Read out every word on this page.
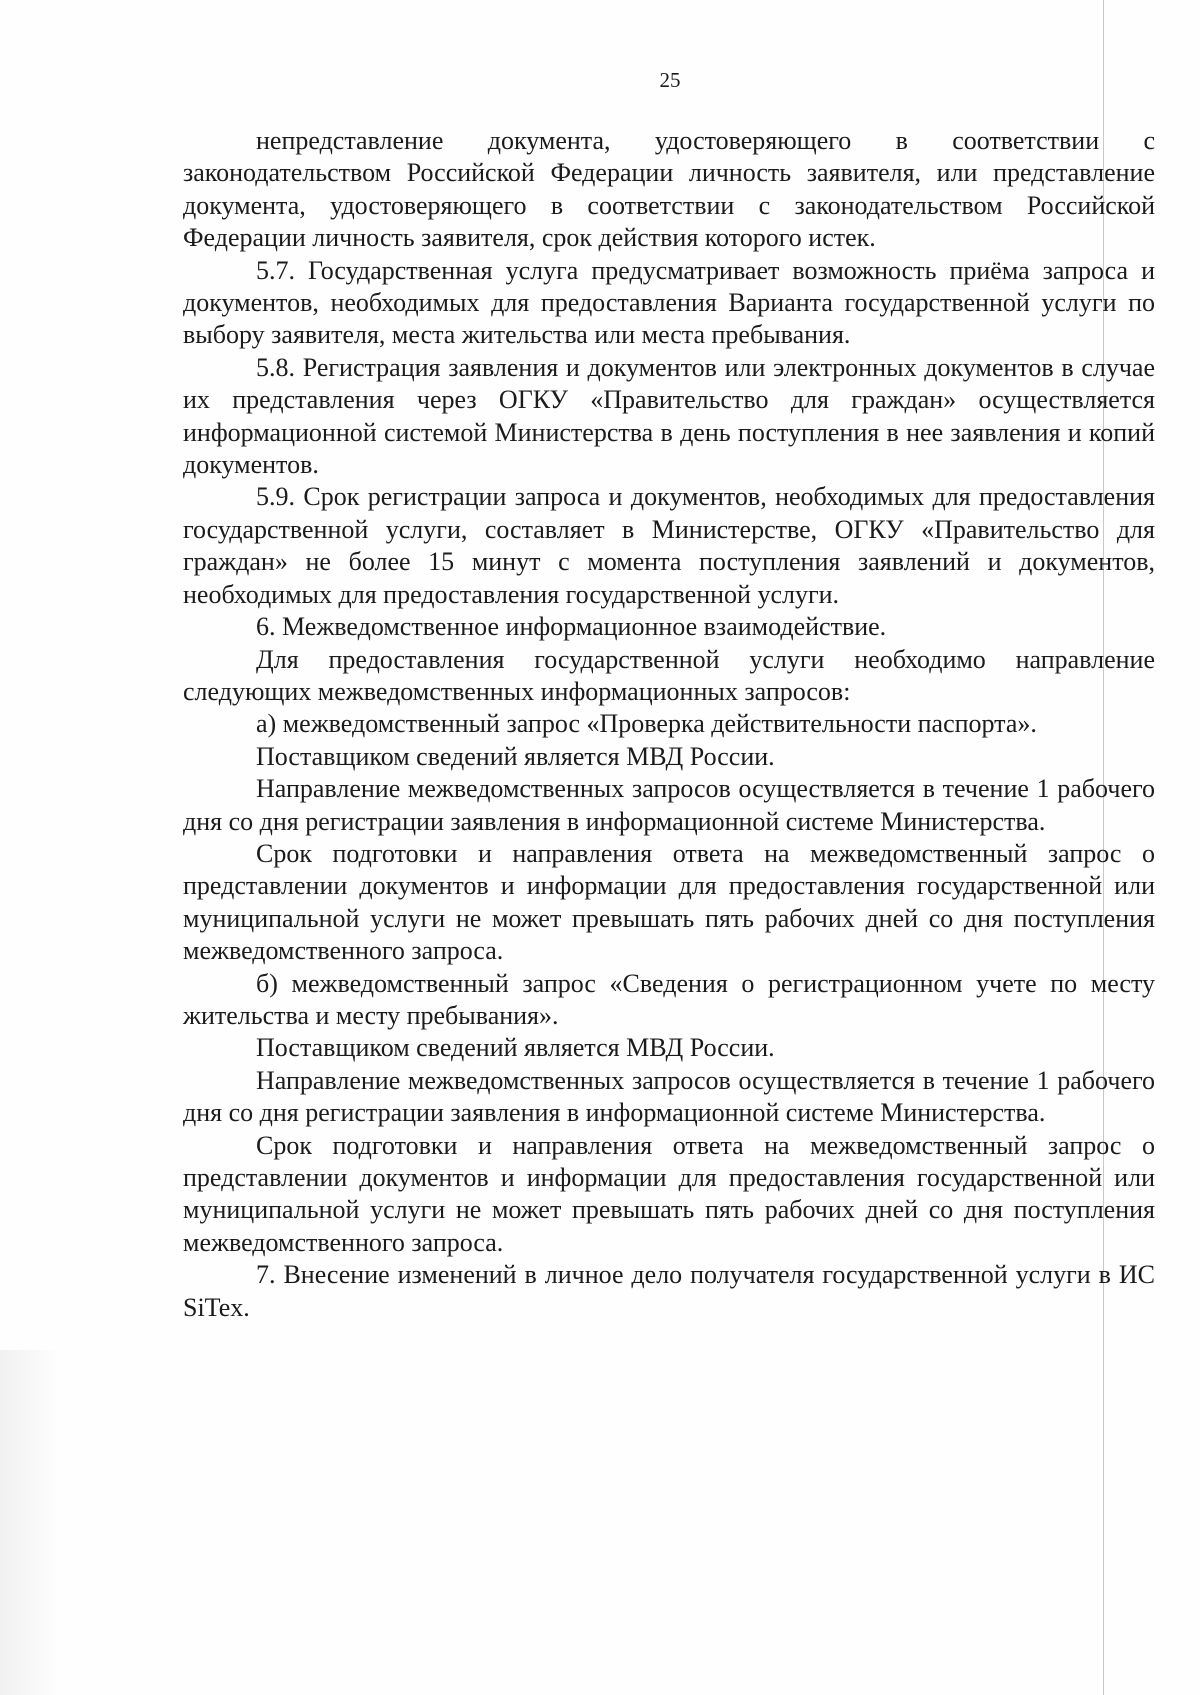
25

непредставление документа, удостоверяющего в соответствии с законодательством Российской Федерации личность заявителя, или представление документа, удостоверяющего в соответствии с законодательством Российской Федерации личность заявителя, срок действия которого истек.

5.7. Государственная услуга предусматривает возможность приёма запроса и документов, необходимых для предоставления Варианта государственной услуги по выбору заявителя, места жительства или места пребывания.

5.8. Регистрация заявления и документов или электронных документов в случае их представления через ОГКУ «Правительство для граждан» осуществляется информационной системой Министерства в день поступления в нее заявления и копий документов.

5.9. Срок регистрации запроса и документов, необходимых для предоставления государственной услуги, составляет в Министерстве, ОГКУ «Правительство для граждан» не более 15 минут с момента поступления заявлений и документов, необходимых для предоставления государственной услуги.

6. Межведомственное информационное взаимодействие.

Для предоставления государственной услуги необходимо направление следующих межведомственных информационных запросов:

а) межведомственный запрос «Проверка действительности паспорта».

Поставщиком сведений является МВД России.

Направление межведомственных запросов осуществляется в течение 1 рабочего дня со дня регистрации заявления в информационной системе Министерства.

Срок подготовки и направления ответа на межведомственный запрос о представлении документов и информации для предоставления государственной или муниципальной услуги не может превышать пять рабочих дней со дня поступления межведомственного запроса.

б) межведомственный запрос «Сведения о регистрационном учете по месту жительства и месту пребывания».

Поставщиком сведений является МВД России.

Направление межведомственных запросов осуществляется в течение 1 рабочего дня со дня регистрации заявления в информационной системе Министерства.

Срок подготовки и направления ответа на межведомственный запрос о представлении документов и информации для предоставления государственной или муниципальной услуги не может превышать пять рабочих дней со дня поступления межведомственного запроса.

7. Внесение изменений в личное дело получателя государственной услуги в ИС SiTex.
